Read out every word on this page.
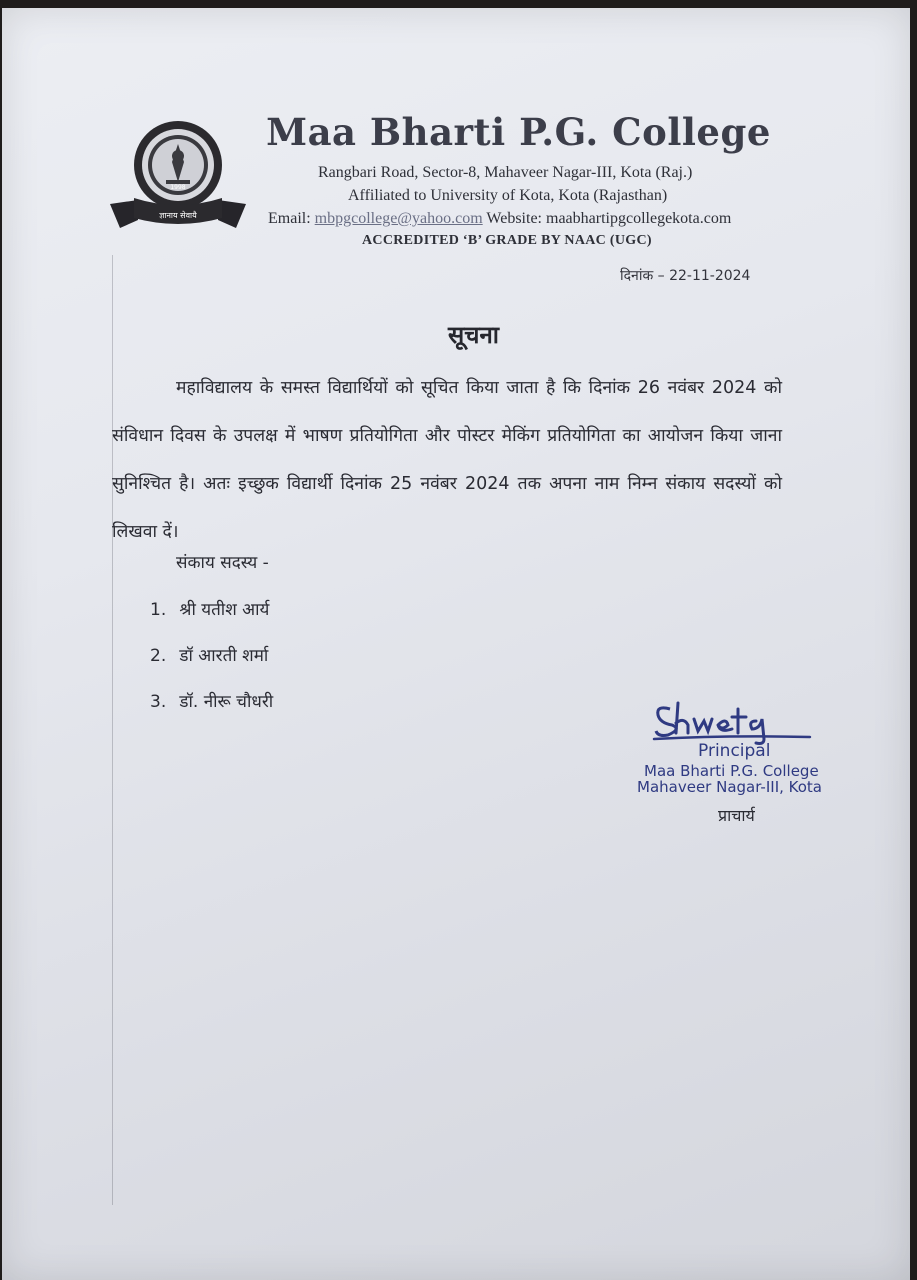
1998
ज्ञानाय सेवायै
Maa Bharti P.G. College
Rangbari Road, Sector-8, Mahaveer Nagar-III, Kota (Raj.)
Affiliated to University of Kota, Kota (Rajasthan)
Email: mbpgcollege@yahoo.com Website: maabhartipgcollegekota.com
ACCREDITED ‘B’ GRADE BY NAAC (UGC)
दिनांक – 22-11-2024
सूचना
महाविद्यालय के समस्त विद्यार्थियों को सूचित किया जाता है कि दिनांक 26 नवंबर 2024 को संविधान दिवस के उपलक्ष में भाषण प्रतियोगिता और पोस्टर मेकिंग प्रतियोगिता का आयोजन किया जाना सुनिश्चित है। अतः इच्छुक विद्यार्थी दिनांक 25 नवंबर 2024 तक अपना नाम निम्न संकाय सदस्यों को लिखवा दें।
संकाय सदस्य -
1. श्री यतीश आर्य
2. डॉ आरती शर्मा
3. डॉ. नीरू चौधरी
Principal
Maa Bharti P.G. College
Mahaveer Nagar-III, Kota
प्राचार्य
